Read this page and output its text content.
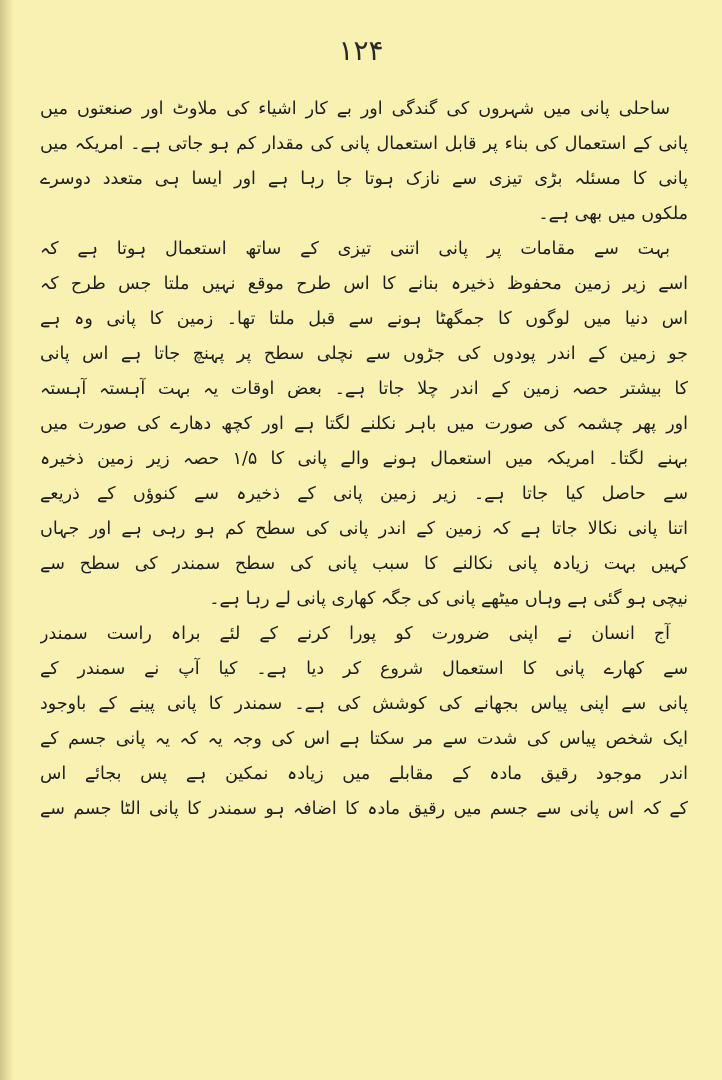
۱۲۴
ساحلی پانی میں شہروں کی گندگی اور بے کار اشیاء کی ملاوٹ اور صنعتوں میں
پانی کے استعمال کی بناء پر قابل استعمال پانی کی مقدار کم ہو جاتی ہے۔ امریکہ میں
پانی کا مسئلہ بڑی تیزی سے نازک ہوتا جا رہا ہے اور ایسا ہی متعدد دوسرے
ملکوں میں بھی ہے۔
بہت سے مقامات پر پانی اتنی تیزی کے ساتھ استعمال ہوتا ہے کہ
اسے زیر زمین محفوظ ذخیرہ بنانے کا اس طرح موقع نہیں ملتا جس طرح کہ
اس دنیا میں لوگوں کا جمگھٹا ہونے سے قبل ملتا تھا۔ زمین کا پانی وہ ہے
جو زمین کے اندر پودوں کی جڑوں سے نچلی سطح پر پہنچ جاتا ہے اس پانی
کا بیشتر حصہ زمین کے اندر چلا جاتا ہے۔ بعض اوقات یہ بہت آہستہ آہستہ
اور پھر چشمہ کی صورت میں باہر نکلنے لگتا ہے اور کچھ دھارے کی صورت میں
بہنے لگتا۔ امریکہ میں استعمال ہونے والے پانی کا ۱/۵ حصہ زیر زمین ذخیرہ
سے حاصل کیا جاتا ہے۔ زیر زمین پانی کے ذخیرہ سے کنوؤں کے ذریعے
اتنا پانی نکالا جاتا ہے کہ زمین کے اندر پانی کی سطح کم ہو رہی ہے اور جہاں
کہیں بہت زیادہ پانی نکالنے کا سبب پانی کی سطح سمندر کی سطح سے
نیچی ہو گئی ہے وہاں میٹھے پانی کی جگہ کھاری پانی لے رہا ہے۔
آج انسان نے اپنی ضرورت کو پورا کرنے کے لئے براہ راست سمندر
سے کھارے پانی کا استعمال شروع کر دیا ہے۔ کیا آپ نے سمندر کے
پانی سے اپنی پیاس بجھانے کی کوشش کی ہے۔ سمندر کا پانی پینے کے باوجود
ایک شخص پیاس کی شدت سے مر سکتا ہے اس کی وجہ یہ کہ یہ پانی جسم کے
اندر موجود رقیق مادہ کے مقابلے میں زیادہ نمکین ہے پس بجائے اس
کے کہ اس پانی سے جسم میں رقیق مادہ کا اضافہ ہو سمندر کا پانی الٹا جسم سے
